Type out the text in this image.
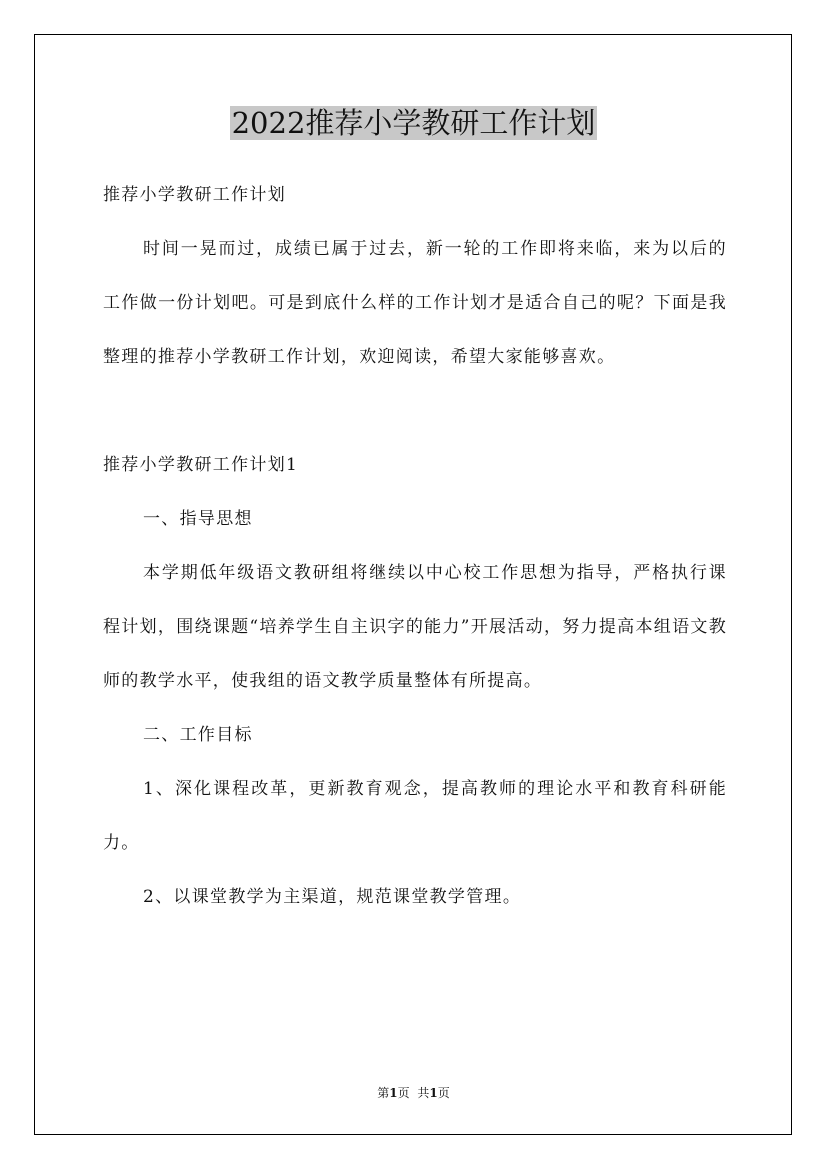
2022推荐小学教研工作计划

推荐小学教研工作计划

时间一晃而过，成绩已属于过去，新一轮的工作即将来临，来为以后的工作做一份计划吧。可是到底什么样的工作计划才是适合自己的呢？下面是我整理的推荐小学教研工作计划，欢迎阅读，希望大家能够喜欢。

推荐小学教研工作计划1

一、指导思想

本学期低年级语文教研组将继续以中心校工作思想为指导，严格执行课程计划，围绕课题“培养学生自主识字的能力”开展活动，努力提高本组语文教师的教学水平，使我组的语文教学质量整体有所提高。

二、工作目标

1、深化课程改革，更新教育观念，提高教师的理论水平和教育科研能力。

2、以课堂教学为主渠道，规范课堂教学管理。

第1页 共1页
